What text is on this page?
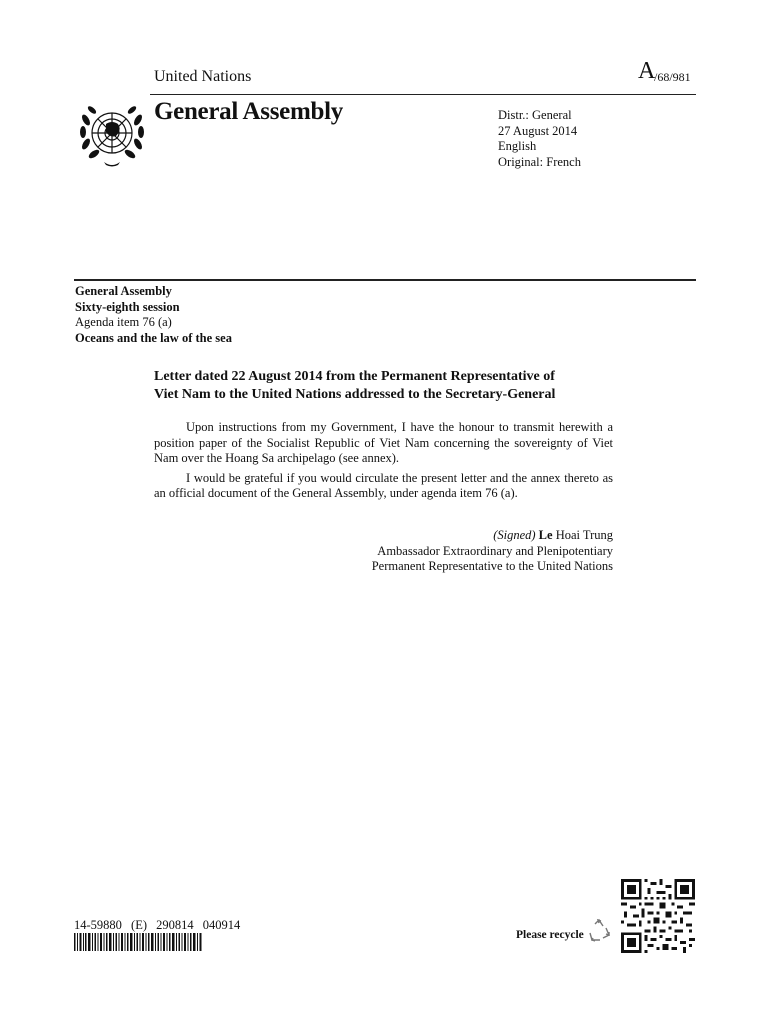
United Nations	A
/68/981
General Assembly	Distr.: General
27 August 2014
English
Original: French
General Assembly
Sixty-eighth session
Agenda item 76 (a)
Oceans and the law of the sea
Letter dated 22 August 2014 from the Permanent Representative of
Viet Nam to the United Nations addressed to the Secretary-General

Upon instructions from my Government, I have the honour to transmit herewith a position paper of the Socialist Republic of Viet Nam concerning the sovereignty of Viet Nam over the Hoang Sa archipelago (see annex).

I would be grateful if you would circulate the present letter and the annex thereto as an official document of the General Assembly, under agenda item 76 (a).

(Signed) Le Hoai Trung
Ambassador Extraordinary and Plenipotentiary
Permanent Representative to the United Nations
14-59880 (E) 290814 040914
Please recycle
